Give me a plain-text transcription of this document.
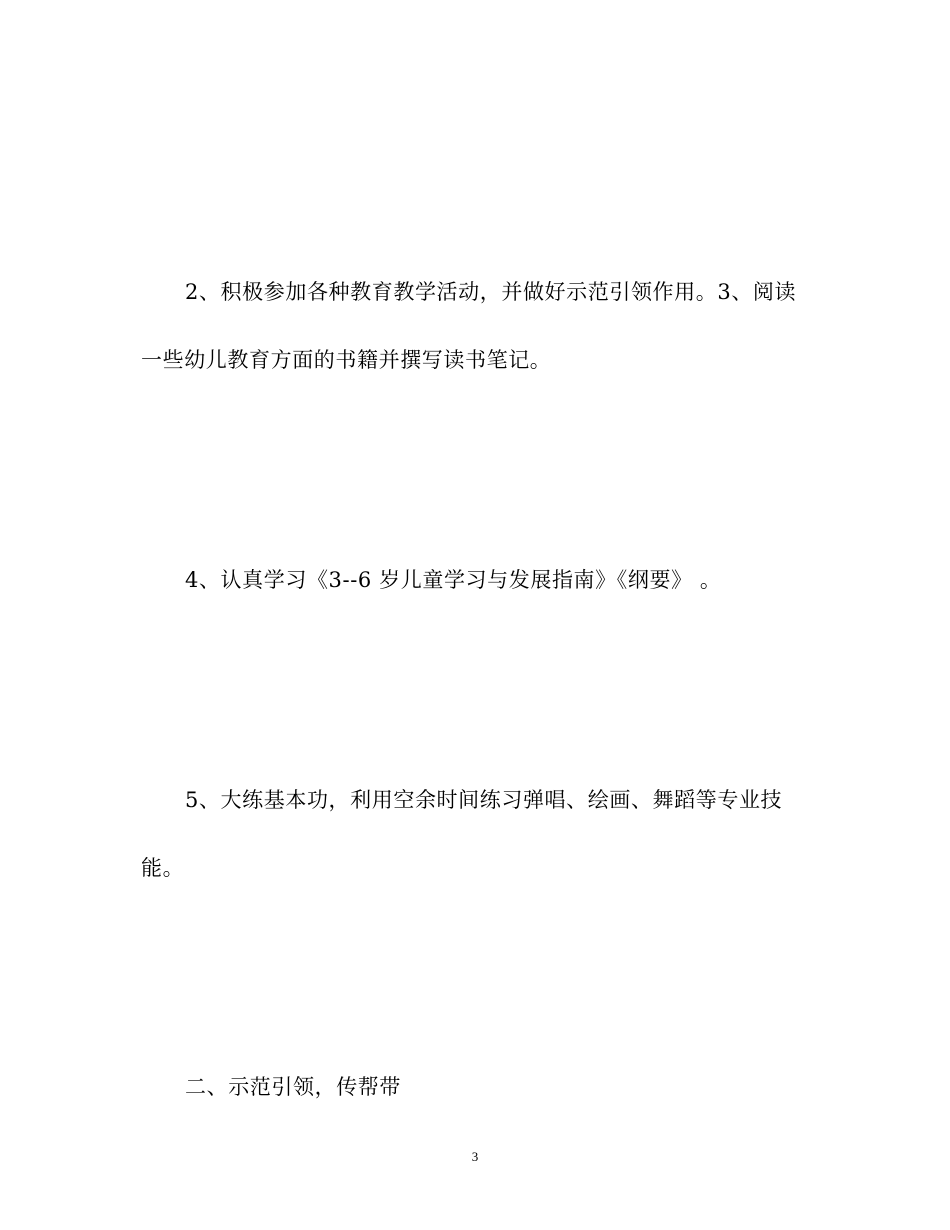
2、积极参加各种教育教学活动，并做好示范引领作用。3、阅读
一些幼儿教育方面的书籍并撰写读书笔记。
4、认真学习《3--6 岁儿童学习与发展指南》《纲要》 。
5、大练基本功，利用空余时间练习弹唱、绘画、舞蹈等专业技
能。
二、示范引领，传帮带
3
